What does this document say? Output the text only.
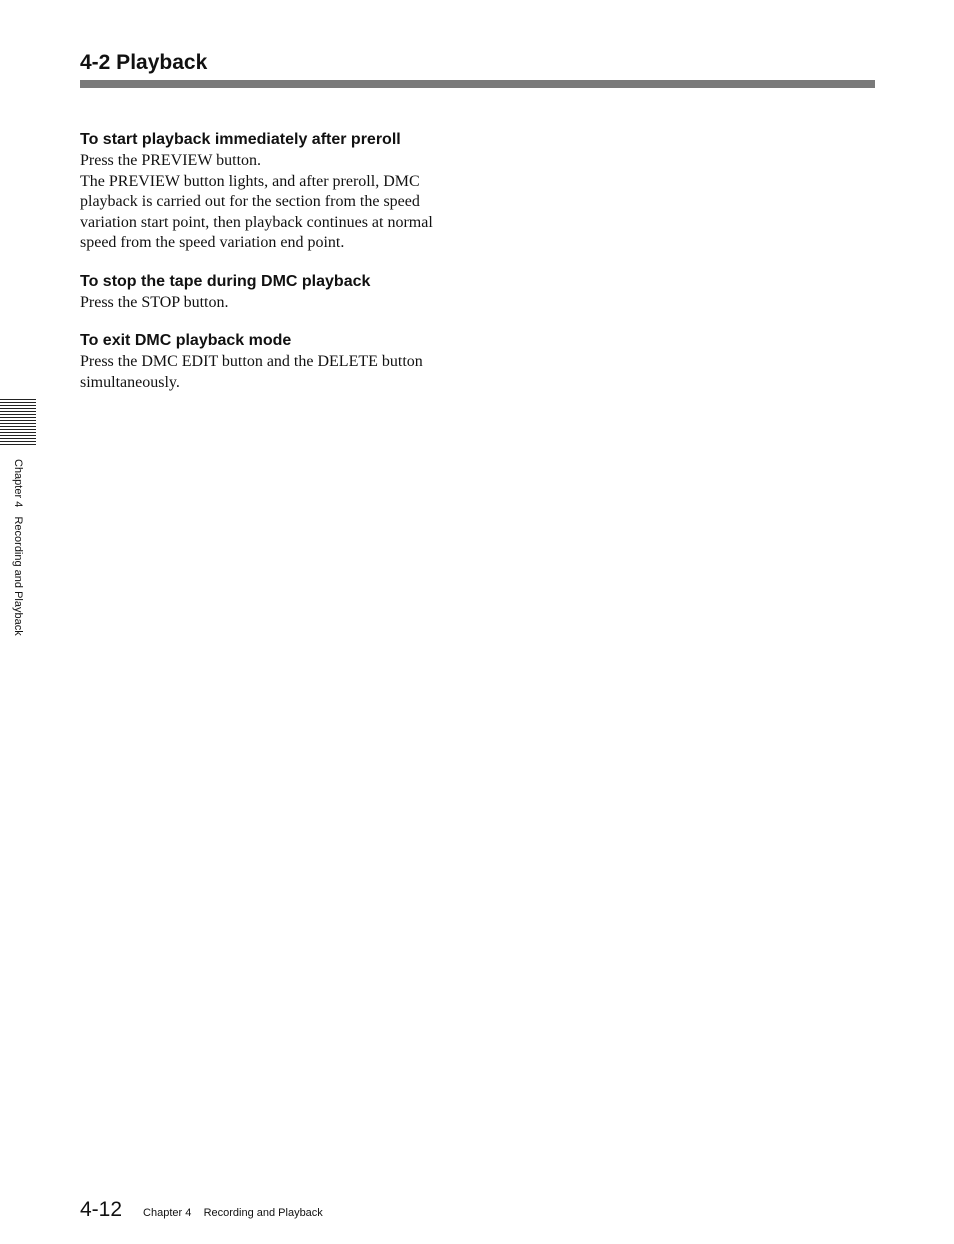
4-2 Playback
To start playback immediately after preroll

Press the PREVIEW button.
The PREVIEW button lights, and after preroll, DMC
playback is carried out for the section from the speed
variation start point, then playback continues at normal
speed from the speed variation end point.

To stop the tape during DMC playback

Press the STOP button.

To exit DMC playback mode

Press the DMC EDIT button and the DELETE button
simultaneously.

Chapter 4   Recording and Playback
4-12 Chapter 4    Recording and Playback
